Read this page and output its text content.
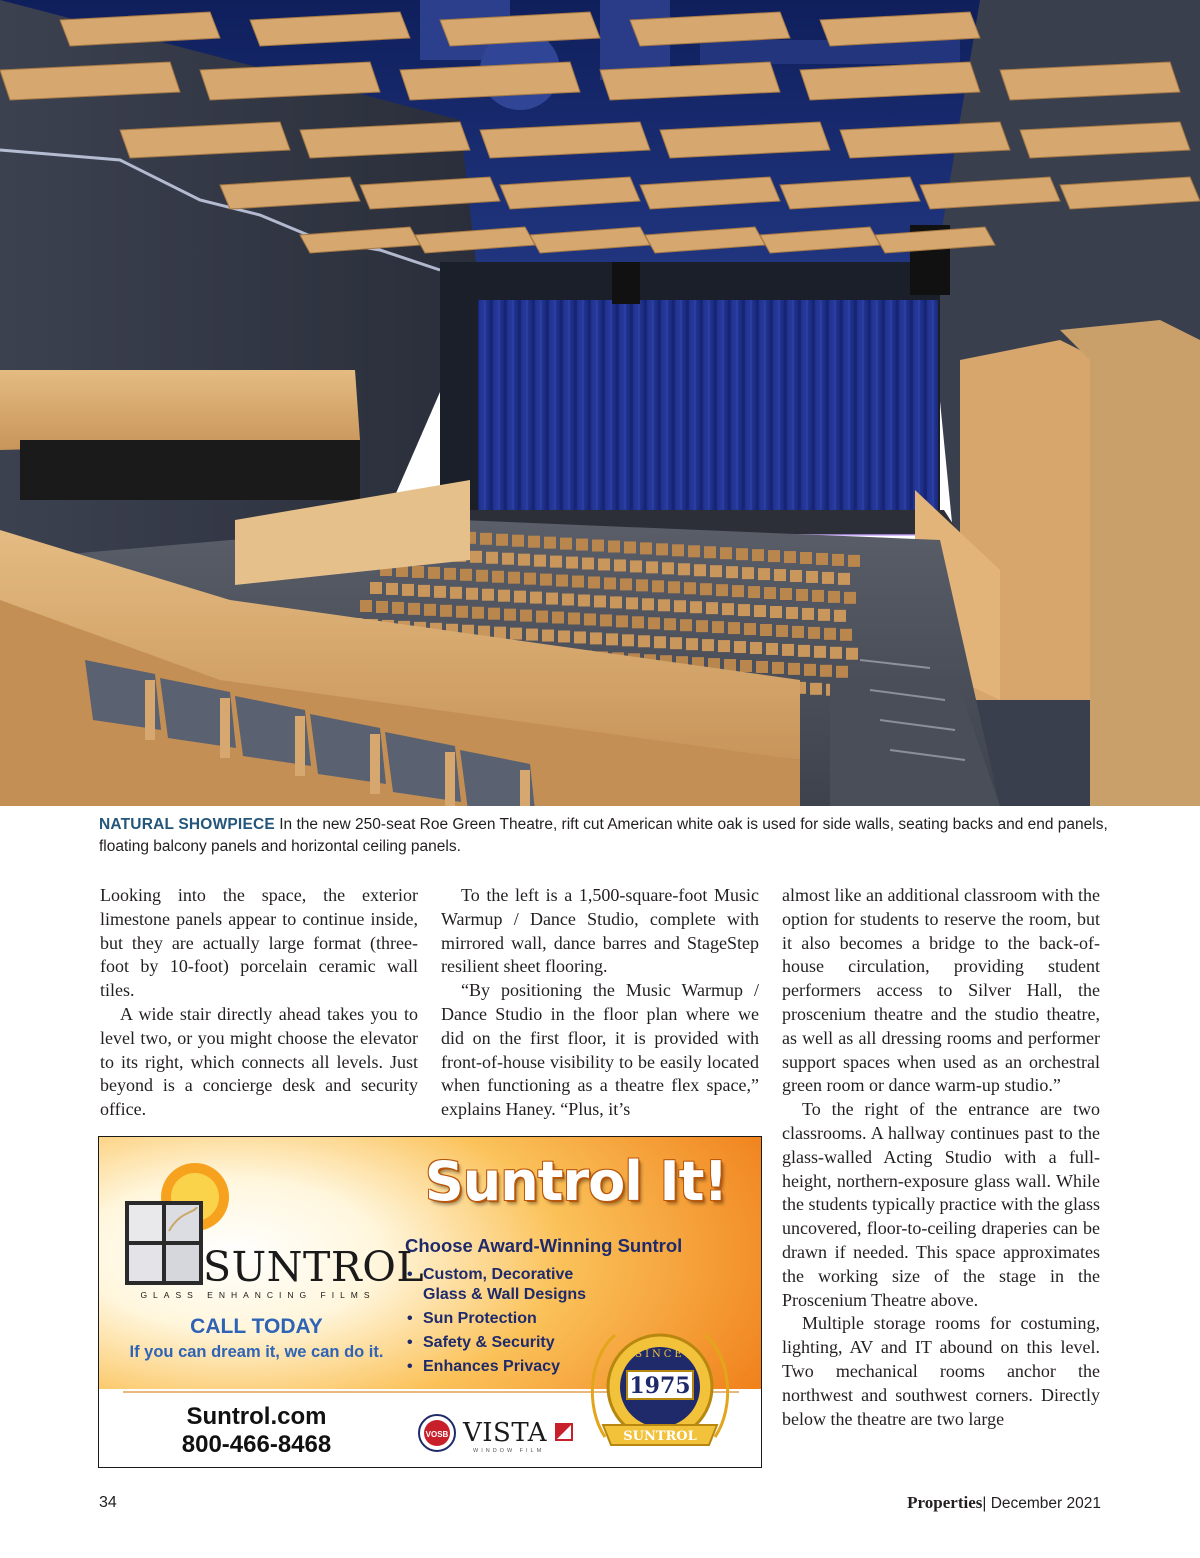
NATURAL SHOWPIECE In the new 250-seat Roe Green Theatre, rift cut American white oak is used for side walls, seating backs and end panels, floating balcony panels and horizontal ceiling panels.

Looking into the space, the exterior limestone panels appear to continue inside, but they are actually large format (three-foot by 10-foot) porcelain ceramic wall tiles.

A wide stair directly ahead takes you to level two, or you might choose the elevator to its right, which connects all levels. Just beyond is a concierge desk and security office.

To the left is a 1,500-square-foot Music Warmup / Dance Studio, complete with mirrored wall, dance barres and StageStep resilient sheet flooring.

“By positioning the Music Warmup / Dance Studio in the floor plan where we did on the first floor, it is provided with front-of-house visibility to be easily located when functioning as a theatre flex space,” explains Haney. “Plus, it’s

almost like an additional classroom with the option for students to reserve the room, but it also becomes a bridge to the back-of-house circulation, providing student performers access to Silver Hall, the proscenium theatre and the studio theatre, as well as all dressing rooms and performer support spaces when used as an orchestral green room or dance warm-up studio.”

To the right of the entrance are two classrooms. A hallway continues past to the glass-walled Acting Studio with a full-height, northern-exposure glass wall. While the students typically practice with the glass uncovered, floor-to-ceiling draperies can be drawn if needed. This space approximates the working size of the stage in the Proscenium Theatre above.

Multiple storage rooms for costuming, lighting, AV and IT abound on this level. Two mechanical rooms anchor the northwest and southwest corners. Directly below the theatre are two large

Suntrol It!
Choose Award-Winning Suntrol
• Custom, Decorative Glass & Wall Designs
• Sun Protection
• Safety & Security
• Enhances Privacy
SUNTROL
GLASS ENHANCING FILMS
CALL TODAY
If you can dream it, we can do it.
Suntrol.com
800-466-8468	VOSB VISTA
WINDOW FILM
SINCE
1975
SUNTROL
34	Properties| December 2021
